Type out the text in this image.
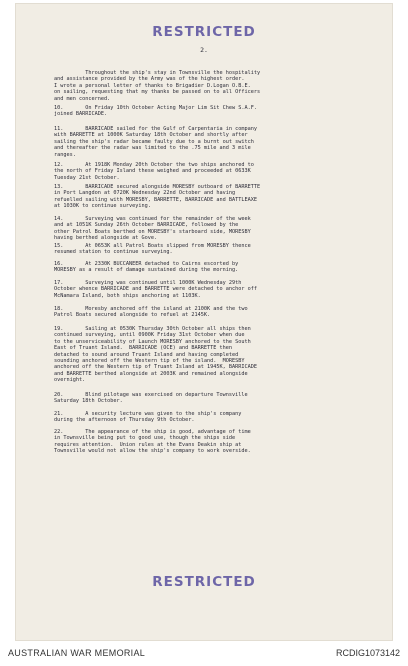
RESTRICTED
2.
Throughout the ship's stay in Townsville the hospitality
and assistance provided by the Army was of the highest order.
I wrote a personal letter of thanks to Brigadier D.Logan O.B.E.
on sailing, requesting that my thanks be passed on to all Officers
and men concerned.
10.       On Friday 10th October Acting Major Lim Sit Chew S.A.F.
joined BARRICADE.
11.       BARRICADE sailed for the Gulf of Carpentaria in company
with BARRETTE at 1000K Saturday 18th October and shortly after
sailing the ship's radar became faulty due to a burnt out switch
and thereafter the radar was limited to the .75 mile and 3 mile
ranges.
12.       At 1918K Monday 20th October the two ships anchored to
the north of Friday Island these weighed and proceeded at 0633K
Tuesday 21st October.
13.       BARRICADE secured alongside MORESBY outboard of BARRETTE
in Port Langdon at 0720K Wednesday 22nd October and having
refuelled sailing with MORESBY, BARRETTE, BARRICADE and BATTLEAXE
at 1030K to continue surveying.
14.       Surveying was continued for the remainder of the week
and at 1051K Sunday 26th October BARRICADE, followed by the
other Patrol Boats berthed on MORESBY's starboard side, MORESBY
having berthed alongside at Gove.
15.       At 0653K all Patrol Boats slipped from MORESBY thence
resumed station to continue surveying.
16.       At 2330K BUCCANEER detached to Cairns escorted by
MORESBY as a result of damage sustained during the morning.
17.       Surveying was continued until 1000K Wednesday 29th
October whence BARRICADE and BARRETTE were detached to anchor off
McNamara Island, both ships anchoring at 1103K.
18.       Moresby anchored off the island at 2100K and the two
Patrol Boats secured alongside to refuel at 2145K.
19.       Sailing at 0530K Thursday 30th October all ships then
continued surveying, until 0900K Friday 31st October when due
to the unserviceability of Launch MORESBY anchored to the South
East of Truant Island.  BARRICADE (OCE) and BARRETTE then
detached to sound around Truant Island and having completed
sounding anchored off the Western tip of the island.  MORESBY
anchored off the Western tip of Truant Island at 1945K, BARRICADE
and BARRETTE berthed alongside at 2003K and remained alongside
overnight.
20.       Blind pilotage was exercised on departure Townsville
Saturday 18th October.
21.       A security lecture was given to the ship's company
during the afternoon of Thursday 9th October.
22.       The appearance of the ship is good, advantage of time
in Townsville being put to good use, though the ships side
requires attention.  Union rules at the Evans Deakin ship at
Townsville would not allow the ship's company to work overside.
RESTRICTED
AUSTRALIAN WAR MEMORIAL	RCDIG1073142
